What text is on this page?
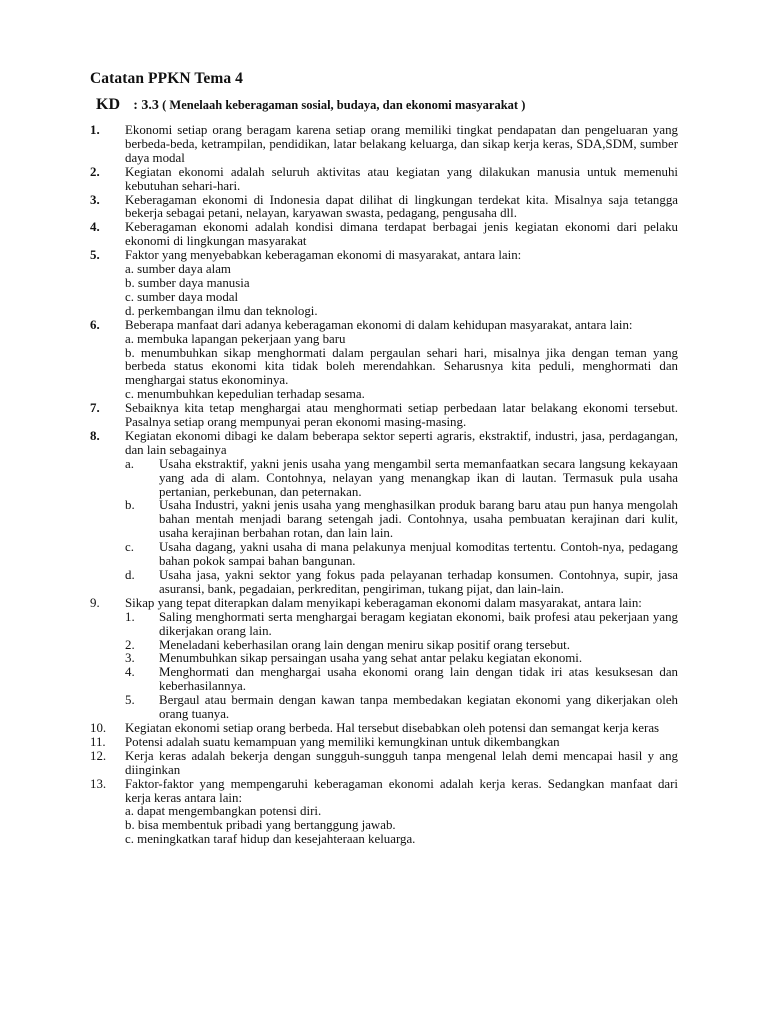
Catatan PPKN Tema 4
KD : 3.3 ( Menelaah keberagaman sosial, budaya, dan ekonomi masyarakat )
1. Ekonomi setiap orang beragam karena setiap orang memiliki tingkat pendapatan dan pengeluaran yang berbeda-beda, ketrampilan, pendidikan, latar belakang keluarga, dan sikap kerja keras, SDA,SDM, sumber daya modal
2. Kegiatan ekonomi adalah seluruh aktivitas atau kegiatan yang dilakukan manusia untuk memenuhi kebutuhan sehari-hari.
3. Keberagaman ekonomi di Indonesia dapat dilihat di lingkungan terdekat kita. Misalnya saja tetangga bekerja sebagai petani, nelayan, karyawan swasta, pedagang, pengusaha dll.
4. Keberagaman ekonomi adalah kondisi dimana terdapat berbagai jenis kegiatan ekonomi dari pelaku ekonomi di lingkungan masyarakat
5. Faktor yang menyebabkan keberagaman ekonomi di masyarakat, antara lain:
a. sumber daya alam
b. sumber daya manusia
c. sumber daya modal
d. perkembangan ilmu dan teknologi.
6. Beberapa manfaat dari adanya keberagaman ekonomi di dalam kehidupan masyarakat, antara lain:
a. membuka lapangan pekerjaan yang baru
b. menumbuhkan sikap menghormati dalam pergaulan sehari hari, misalnya jika dengan teman yang berbeda status ekonomi kita tidak boleh merendahkan. Seharusnya kita peduli, menghormati dan menghargai status ekonominya.
c. menumbuhkan kepedulian terhadap sesama.
7. Sebaiknya kita tetap menghargai atau menghormati setiap perbedaan latar belakang ekonomi tersebut. Pasalnya setiap orang mempunyai peran ekonomi masing-masing.
8. Kegiatan ekonomi dibagi ke dalam beberapa sektor seperti agraris, ekstraktif, industri, jasa, perdagangan, dan lain sebagainya
a. Usaha ekstraktif, yakni jenis usaha yang mengambil serta memanfaatkan secara langsung kekayaan yang ada di alam. Contohnya, nelayan yang menangkap ikan di lautan. Termasuk pula usaha pertanian, perkebunan, dan peternakan.
b. Usaha Industri, yakni jenis usaha yang menghasilkan produk barang baru atau pun hanya mengolah bahan mentah menjadi barang setengah jadi. Contohnya, usaha pembuatan kerajinan dari kulit, usaha kerajinan berbahan rotan, dan lain lain.
c. Usaha dagang, yakni usaha di mana pelakunya menjual komoditas tertentu. Contoh-nya, pedagang bahan pokok sampai bahan bangunan.
d. Usaha jasa, yakni sektor yang fokus pada pelayanan terhadap konsumen. Contohnya, supir, jasa asuransi, bank, pegadaian, perkreditan, pengiriman, tukang pijat, dan lain-lain.
9. Sikap yang tepat diterapkan dalam menyikapi keberagaman ekonomi dalam masyarakat, antara lain:
1. Saling menghormati serta menghargai beragam kegiatan ekonomi, baik profesi atau pekerjaan yang dikerjakan orang lain.
2. Meneladani keberhasilan orang lain dengan meniru sikap positif orang tersebut.
3. Menumbuhkan sikap persaingan usaha yang sehat antar pelaku kegiatan ekonomi.
4. Menghormati dan menghargai usaha ekonomi orang lain dengan tidak iri atas kesuksesan dan keberhasilannya.
5. Bergaul atau bermain dengan kawan tanpa membedakan kegiatan ekonomi yang dikerjakan oleh orang tuanya.
10. Kegiatan ekonomi setiap orang berbeda. Hal tersebut disebabkan oleh potensi dan semangat kerja keras
11. Potensi adalah suatu kemampuan yang memiliki kemungkinan untuk dikembangkan
12. Kerja keras adalah bekerja dengan sungguh-sungguh tanpa mengenal lelah demi mencapai hasil y ang diinginkan
13. Faktor-faktor yang mempengaruhi keberagaman ekonomi adalah kerja keras. Sedangkan manfaat dari kerja keras antara lain:
a. dapat mengembangkan potensi diri.
b. bisa membentuk pribadi yang bertanggung jawab.
c. meningkatkan taraf hidup dan kesejahteraan keluarga.
